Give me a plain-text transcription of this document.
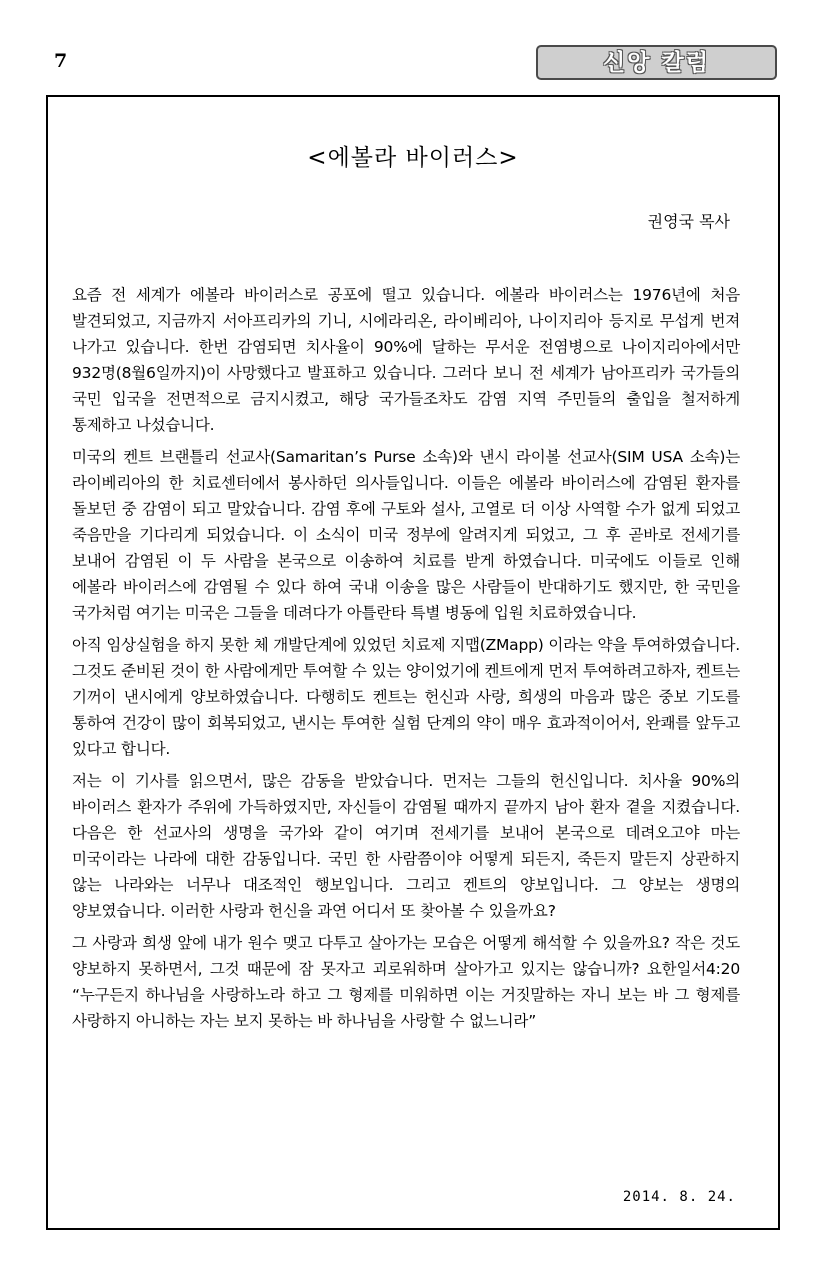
7	신앙 칼럼
<에볼라 바이러스>
권영국 목사

요즘 전 세계가 에볼라 바이러스로 공포에 떨고 있습니다. 에볼라 바이러스는 1976년에 처음 발견되었고, 지금까지 서아프리카의 기니, 시에라리온, 라이베리아, 나이지리아 등지로 무섭게 번져 나가고 있습니다. 한번 감염되면 치사율이 90%에 달하는 무서운 전염병으로 나이지리아에서만 932명(8월6일까지)이 사망했다고 발표하고 있습니다. 그러다 보니 전 세계가 남아프리카 국가들의 국민 입국을 전면적으로 금지시켰고, 해당 국가들조차도 감염 지역 주민들의 출입을 철저하게 통제하고 나섰습니다.

미국의 켄트 브랜틀리 선교사(Samaritan’s Purse 소속)와 낸시 라이볼 선교사(SIM USA 소속)는 라이베리아의 한 치료센터에서 봉사하던 의사들입니다. 이들은 에볼라 바이러스에 감염된 환자를 돌보던 중 감염이 되고 말았습니다. 감염 후에 구토와 설사, 고열로 더 이상 사역할 수가 없게 되었고 죽음만을 기다리게 되었습니다. 이 소식이 미국 정부에 알려지게 되었고, 그 후 곧바로 전세기를 보내어 감염된 이 두 사람을 본국으로 이송하여 치료를 받게 하였습니다. 미국에도 이들로 인해 에볼라 바이러스에 감염될 수 있다 하여 국내 이송을 많은 사람들이 반대하기도 했지만, 한 국민을 국가처럼 여기는 미국은 그들을 데려다가 아틀란타 특별 병동에 입원 치료하였습니다.

아직 임상실험을 하지 못한 체 개발단계에 있었던 치료제 지맵(ZMapp) 이라는 약을 투여하였습니다. 그것도 준비된 것이 한 사람에게만 투여할 수 있는 양이었기에 켄트에게 먼저 투여하려고하자, 켄트는 기꺼이 낸시에게 양보하였습니다. 다행히도 켄트는 헌신과 사랑, 희생의 마음과 많은 중보 기도를 통하여 건강이 많이 회복되었고, 낸시는 투여한 실험 단계의 약이 매우 효과적이어서, 완쾌를 앞두고 있다고 합니다.

저는 이 기사를 읽으면서, 많은 감동을 받았습니다. 먼저는 그들의 헌신입니다. 치사율 90%의 바이러스 환자가 주위에 가득하였지만, 자신들이 감염될 때까지 끝까지 남아 환자 곁을 지켰습니다. 다음은 한 선교사의 생명을 국가와 같이 여기며 전세기를 보내어 본국으로 데려오고야 마는 미국이라는 나라에 대한 감동입니다. 국민 한 사람쯤이야 어떻게 되든지, 죽든지 말든지 상관하지 않는 나라와는 너무나 대조적인 행보입니다. 그리고 켄트의 양보입니다. 그 양보는 생명의 양보였습니다. 이러한 사랑과 헌신을 과연 어디서 또 찾아볼 수 있을까요?

그 사랑과 희생 앞에 내가 원수 맺고 다투고 살아가는 모습은 어떻게 해석할 수 있을까요? 작은 것도 양보하지 못하면서, 그것 때문에 잠 못자고 괴로워하며 살아가고 있지는 않습니까? 요한일서4:20 “누구든지 하나님을 사랑하노라 하고 그 형제를 미워하면 이는 거짓말하는 자니 보는 바 그 형제를 사랑하지 아니하는 자는 보지 못하는 바 하나님을 사랑할 수 없느니라”

2014. 8. 24.
